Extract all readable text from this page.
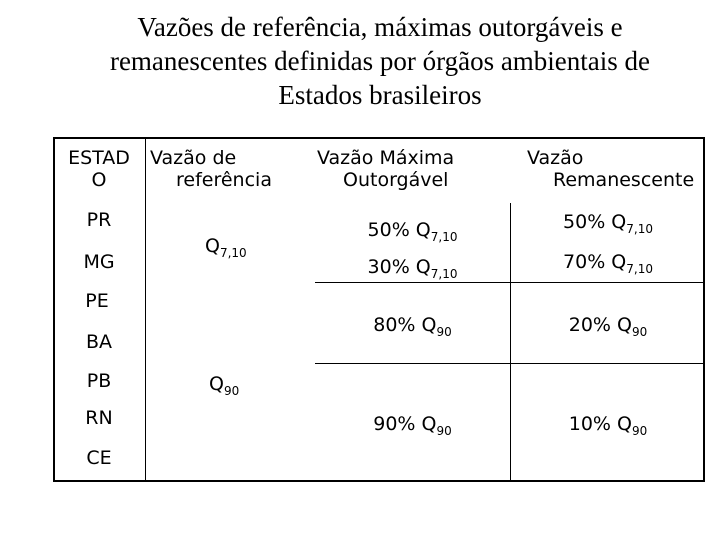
Vazões de referência, máximas outorgáveis e
remanescentes definidas por órgãos ambientais de
Estados brasileiros
ESTAD
O
Vazão de
referência
Vazão Máxima
Outorgável
Vazão
Remanescente
PR
MG
PE
BA
PB
RN
CE
$Q_{7,10}$
$Q_{90}$
50% $Q_{7,10}$
30% $Q_{7,10}$
80% $Q_{90}$
90% $Q_{90}$
50% $Q_{7,10}$
70% $Q_{7,10}$
20% $Q_{90}$
10% $Q_{90}$
